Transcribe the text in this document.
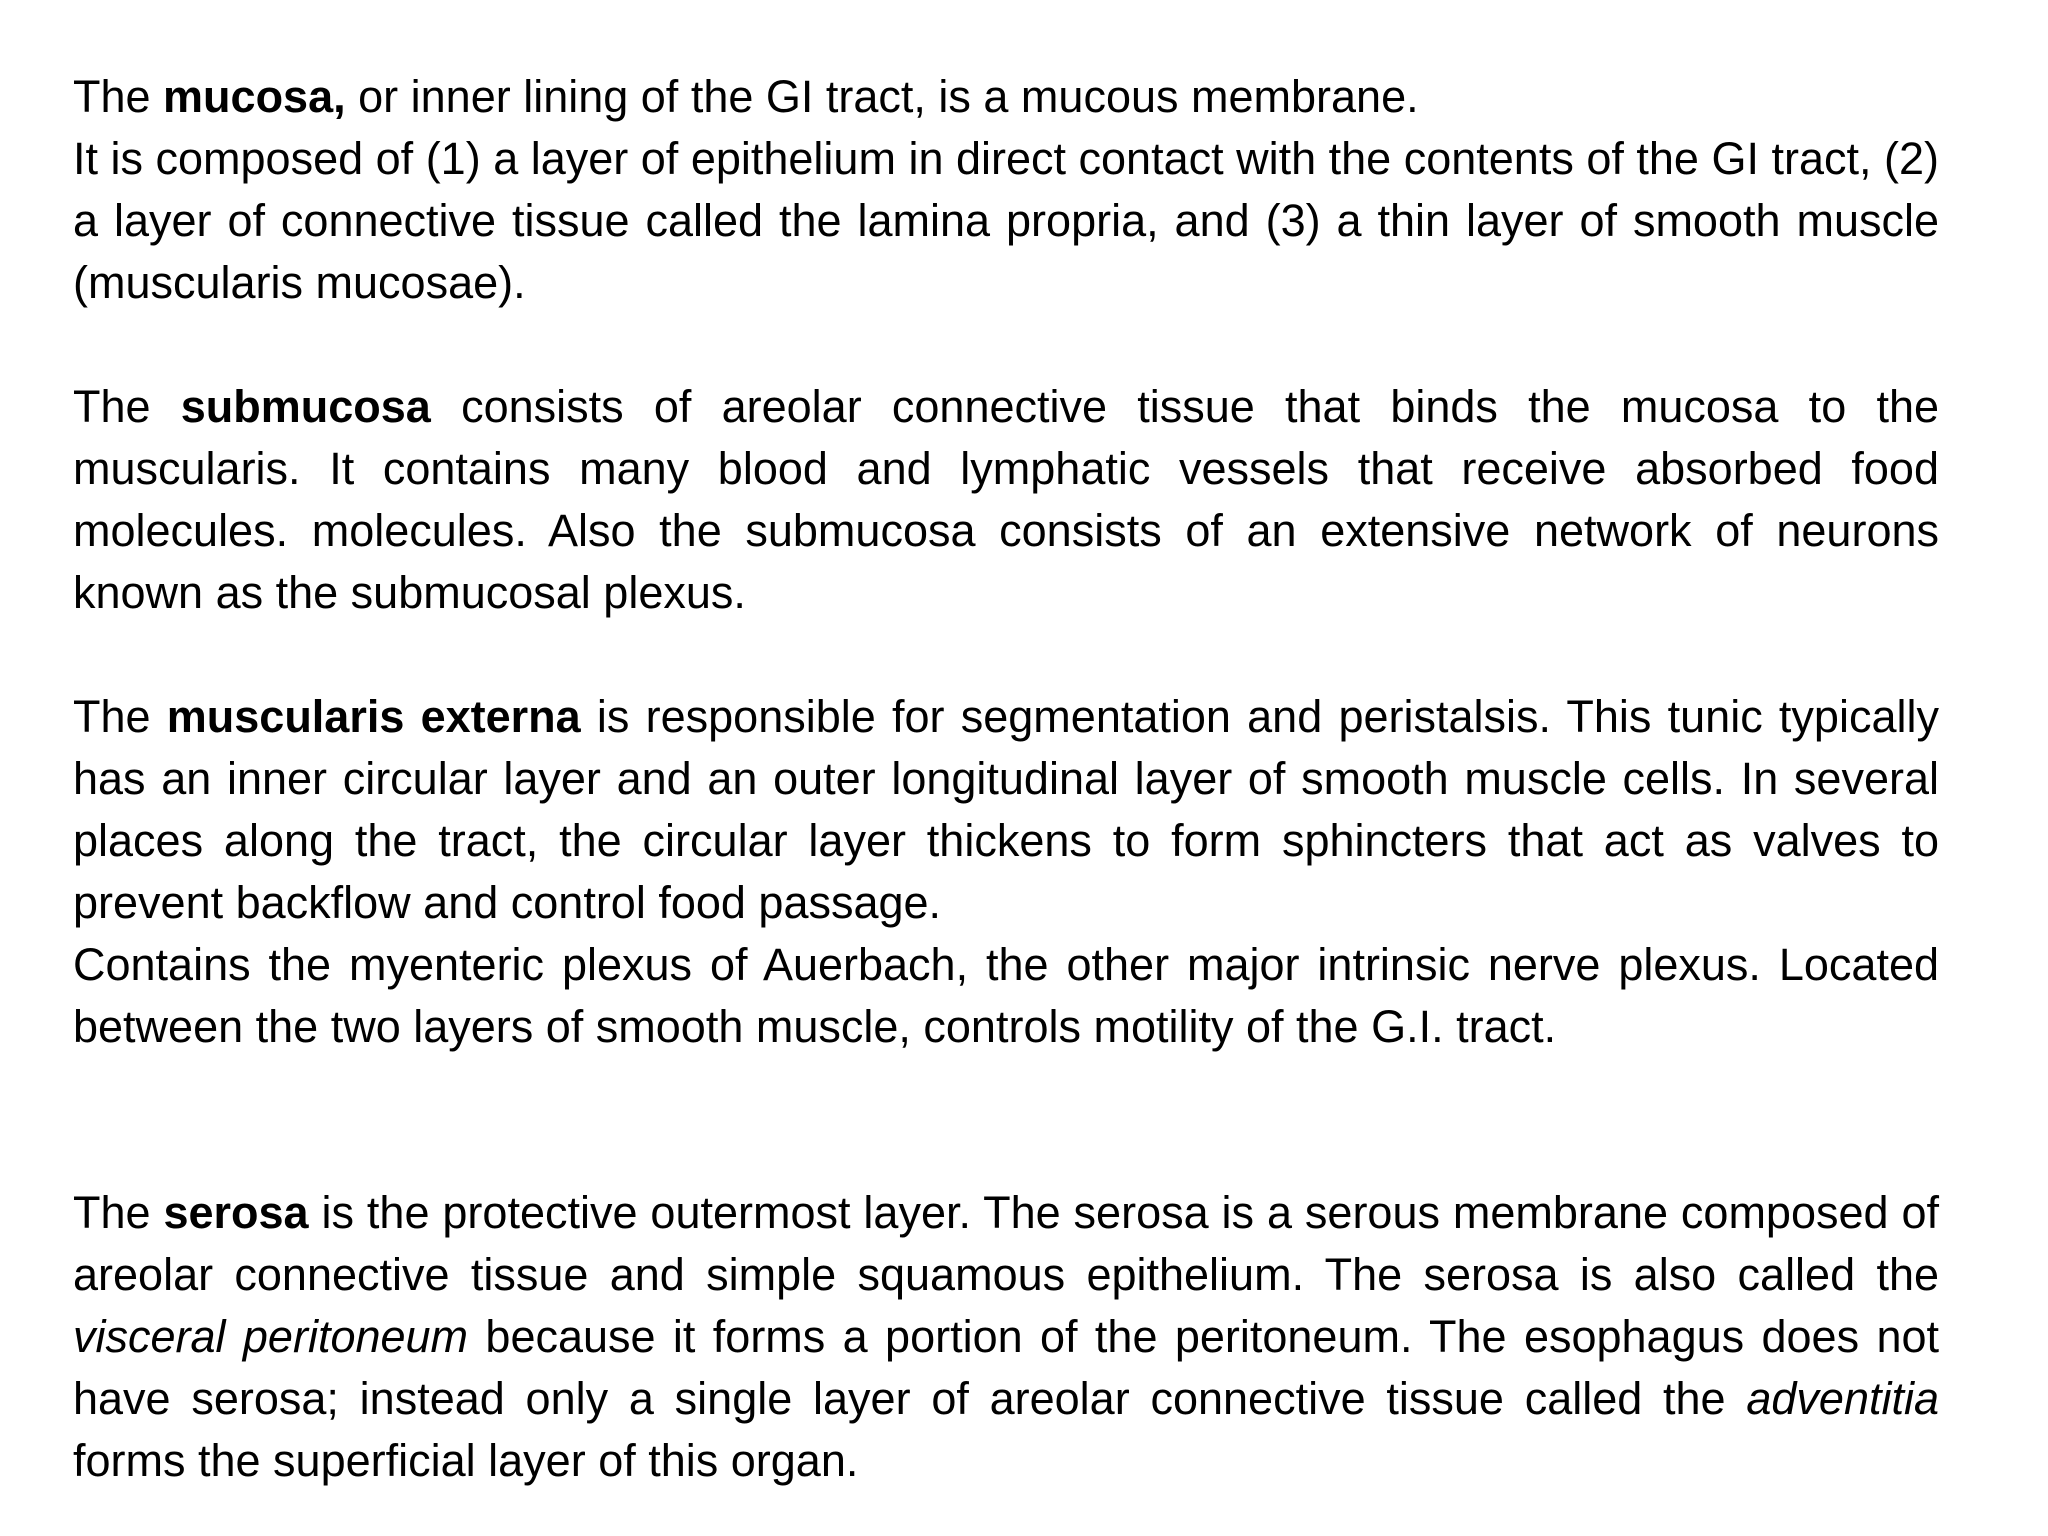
The mucosa, or inner lining of the GI tract, is a mucous membrane.

It is composed of (1) a layer of epithelium in direct contact with the contents of the GI tract, (2) a layer of connective tissue called the lamina propria, and (3) a thin layer of smooth muscle (muscularis mucosae).

The submucosa consists of areolar connective tissue that binds the mucosa to the muscularis. It contains many blood and lymphatic vessels that receive absorbed food molecules. molecules. Also the submucosa consists of an extensive network of neurons known as the submucosal plexus.

The muscularis externa is responsible for segmentation and peristalsis. This tunic typically has an inner circular layer and an outer longitudinal layer of smooth muscle cells. In several places along the tract, the circular layer thickens to form sphincters that act as valves to prevent backflow and control food passage.

Contains the myenteric plexus of Auerbach, the other major intrinsic nerve plexus. Located between the two layers of smooth muscle, controls motility of the G.I. tract.

The serosa is the protective outermost layer. The serosa is a serous membrane composed of areolar connective tissue and simple squamous epithelium. The serosa is also called the visceral peritoneum because it forms a portion of the peritoneum. The esophagus does not have serosa; instead only a single layer of areolar connective tissue called the adventitia forms the superficial layer of this organ.
